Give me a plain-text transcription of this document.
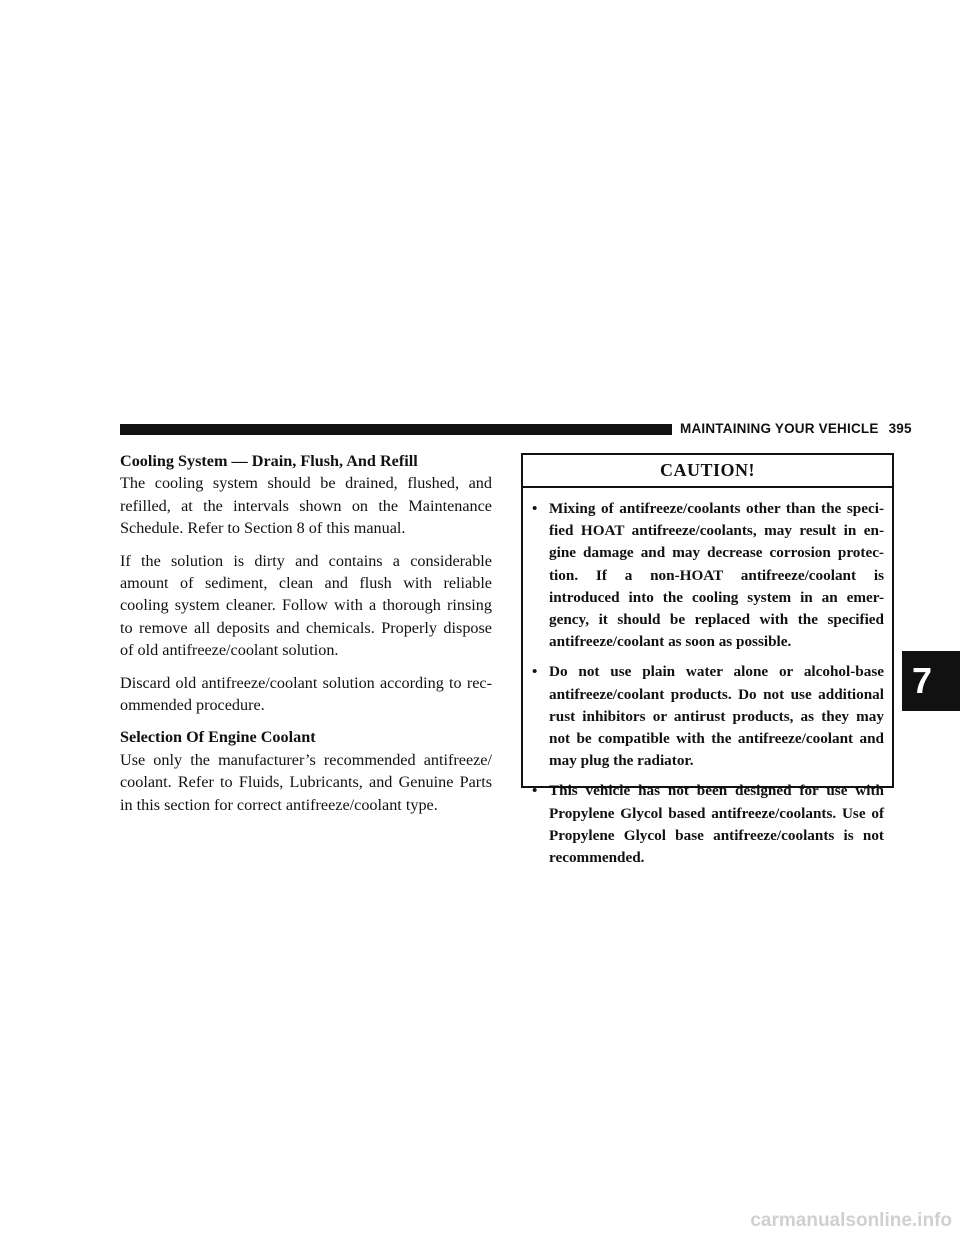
MAINTAINING YOUR VEHICLE 395
Cooling System — Drain, Flush, And Refill

The cooling system should be drained, flushed, and refilled, at the intervals shown on the Maintenance Schedule. Refer to Section 8 of this manual.

If the solution is dirty and contains a considerable amount of sediment, clean and flush with reliable cooling system cleaner. Follow with a thorough rinsing to remove all deposits and chemicals. Properly dispose of old antifreeze/coolant solution.

Discard old antifreeze/coolant solution according to rec-ommended procedure.

Selection Of Engine Coolant

Use only the manufacturer’s recommended antifreeze/ coolant. Refer to Fluids, Lubricants, and Genuine Parts in this section for correct antifreeze/coolant type.

CAUTION!
• Mixing of antifreeze/coolants other than the speci-fied HOAT antifreeze/coolants, may result in en-gine damage and may decrease corrosion protec-tion. If a non-HOAT antifreeze/coolant is introduced into the cooling system in an emer-gency, it should be replaced with the specified antifreeze/coolant as soon as possible.
• Do not use plain water alone or alcohol-base antifreeze/coolant products. Do not use additional rust inhibitors or antirust products, as they may not be compatible with the antifreeze/coolant and may plug the radiator.
• This vehicle has not been designed for use with Propylene Glycol based antifreeze/coolants. Use of Propylene Glycol base antifreeze/coolants is not recommended.
7
carmanualsonline.info
